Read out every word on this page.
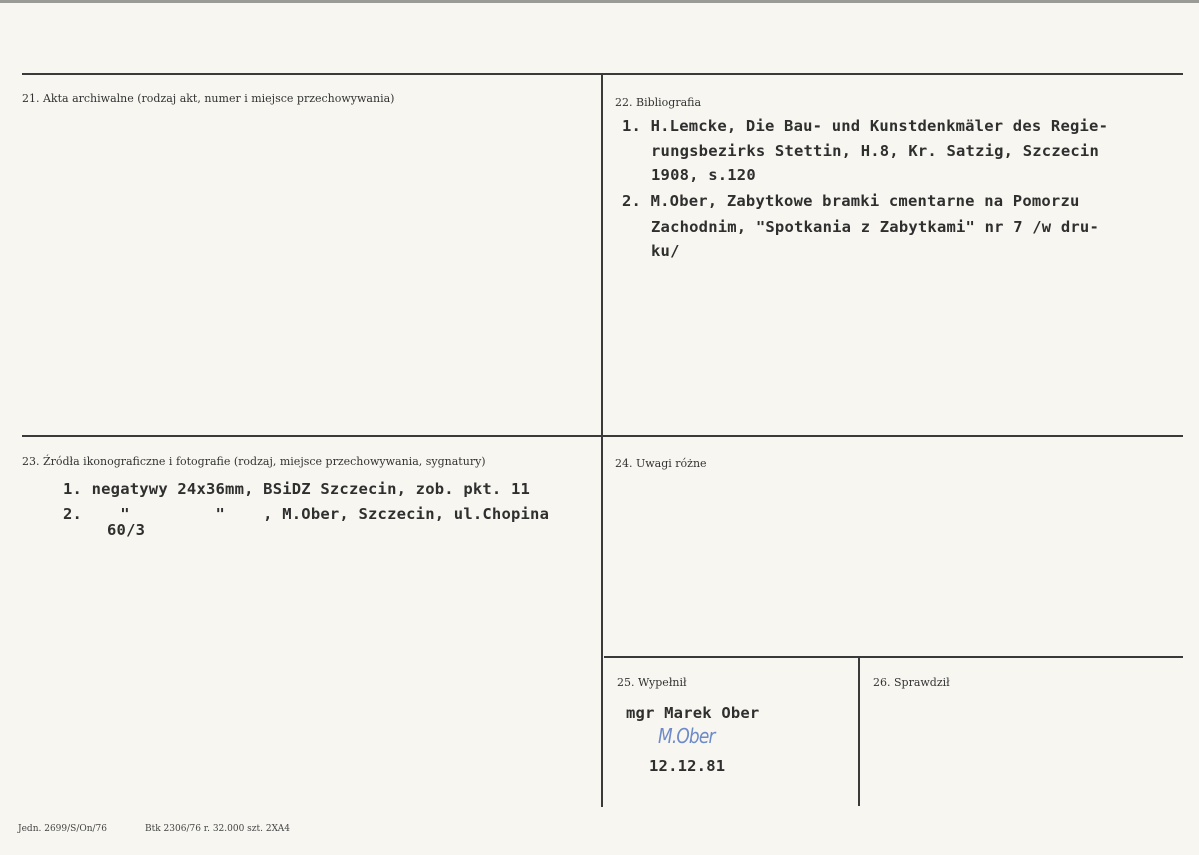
21. Akta archiwalne (rodzaj akt, numer i miejsce przechowywania)	22. Bibliografia
1. H.Lemcke, Die Bau- und Kunstdenkmäler des Regie-
rungsbezirks Stettin, H.8, Kr. Satzig, Szczecin
1908, s.120
2. M.Ober, Zabytkowe bramki cmentarne na Pomorzu
Zachodnim, "Spotkania z Zabytkami" nr 7 /w dru-
ku/
23. Źródła ikonograficzne i fotografie (rodzaj, miejsce przechowywania, sygnatury)
1. negatywy 24x36mm, BSiDZ Szczecin, zob. pkt. 11
2.    "         "    , M.Ober, Szczecin, ul.Chopina
60/3
24. Uwagi różne
25. Wypełnił
mgr Marek Ober
M.Ober
12.12.81
26. Sprawdził
Jedn. 2699/S/On/76	Btk 2306/76 r. 32.000 szt. 2XA4
